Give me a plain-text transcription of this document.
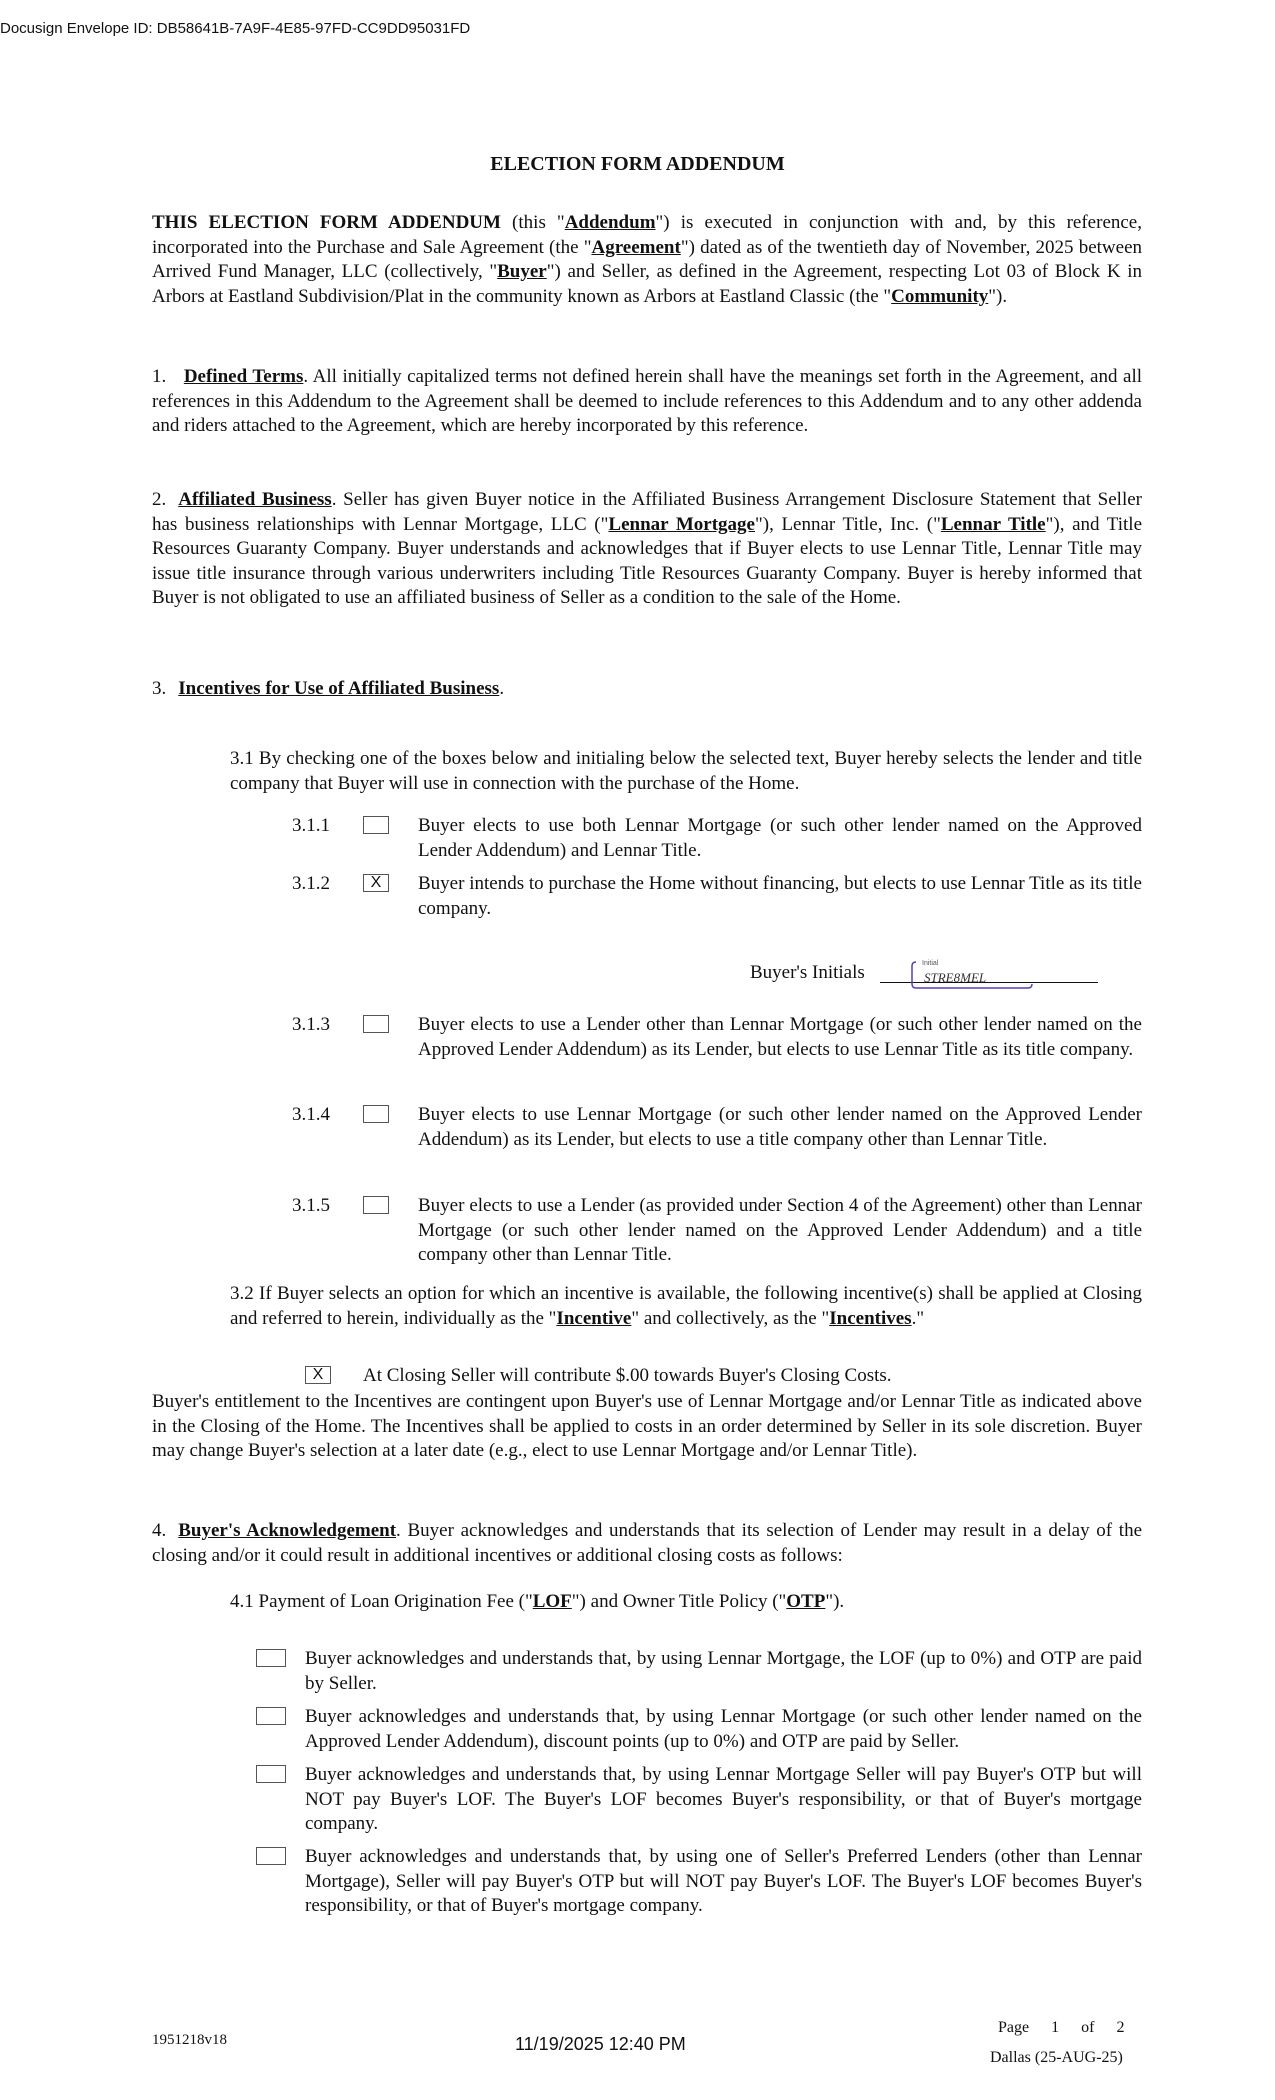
Docusign Envelope ID: DB58641B-7A9F-4E85-97FD-CC9DD95031FD
ELECTION FORM ADDENDUM
THIS ELECTION FORM ADDENDUM (this "Addendum") is executed in conjunction with and, by this reference, incorporated into the Purchase and Sale Agreement (the "Agreement") dated as of the twentieth day of November, 2025 between Arrived Fund Manager, LLC (collectively, "Buyer") and Seller, as defined in the Agreement, respecting Lot 03 of Block K in Arbors at Eastland Subdivision/Plat in the community known as Arbors at Eastland Classic (the "Community").
1. Defined Terms. All initially capitalized terms not defined herein shall have the meanings set forth in the Agreement, and all references in this Addendum to the Agreement shall be deemed to include references to this Addendum and to any other addenda and riders attached to the Agreement, which are hereby incorporated by this reference.
2. Affiliated Business. Seller has given Buyer notice in the Affiliated Business Arrangement Disclosure Statement that Seller has business relationships with Lennar Mortgage, LLC ("Lennar Mortgage"), Lennar Title, Inc. ("Lennar Title"), and Title Resources Guaranty Company. Buyer understands and acknowledges that if Buyer elects to use Lennar Title, Lennar Title may issue title insurance through various underwriters including Title Resources Guaranty Company. Buyer is hereby informed that Buyer is not obligated to use an affiliated business of Seller as a condition to the sale of the Home.
3. Incentives for Use of Affiliated Business.
3.1 By checking one of the boxes below and initialing below the selected text, Buyer hereby selects the lender and title company that Buyer will use in connection with the purchase of the Home.
3.1.1	Buyer elects to use both Lennar Mortgage (or such other lender named on the Approved Lender Addendum) and Lennar Title.
3.1.2	X	Buyer intends to purchase the Home without financing, but elects to use Lennar Title as its title company.
Buyer's Initials	Initial
STRE8MEL
3.1.3	Buyer elects to use a Lender other than Lennar Mortgage (or such other lender named on the Approved Lender Addendum) as its Lender, but elects to use Lennar Title as its title company.
3.1.4	Buyer elects to use Lennar Mortgage (or such other lender named on the Approved Lender Addendum) as its Lender, but elects to use a title company other than Lennar Title.
3.1.5	Buyer elects to use a Lender (as provided under Section 4 of the Agreement) other than Lennar Mortgage (or such other lender named on the Approved Lender Addendum) and a title company other than Lennar Title.
3.2 If Buyer selects an option for which an incentive is available, the following incentive(s) shall be applied at Closing and referred to herein, individually as the "Incentive" and collectively, as the "Incentives."
X	At Closing Seller will contribute $.00 towards Buyer's Closing Costs.
Buyer's entitlement to the Incentives are contingent upon Buyer's use of Lennar Mortgage and/or Lennar Title as indicated above in the Closing of the Home. The Incentives shall be applied to costs in an order determined by Seller in its sole discretion. Buyer may change Buyer's selection at a later date (e.g., elect to use Lennar Mortgage and/or Lennar Title).
4. Buyer's Acknowledgement. Buyer acknowledges and understands that its selection of Lender may result in a delay of the closing and/or it could result in additional incentives or additional closing costs as follows:
4.1 Payment of Loan Origination Fee ("LOF") and Owner Title Policy ("OTP").
Buyer acknowledges and understands that, by using Lennar Mortgage, the LOF (up to 0%) and OTP are paid by Seller.
Buyer acknowledges and understands that, by using Lennar Mortgage (or such other lender named on the Approved Lender Addendum), discount points (up to 0%) and OTP are paid by Seller.
Buyer acknowledges and understands that, by using Lennar Mortgage Seller will pay Buyer's OTP but will NOT pay Buyer's LOF. The Buyer's LOF becomes Buyer's responsibility, or that of Buyer's mortgage company.
Buyer acknowledges and understands that, by using one of Seller's Preferred Lenders (other than Lennar Mortgage), Seller will pay Buyer's OTP but will NOT pay Buyer's LOF. The Buyer's LOF becomes Buyer's responsibility, or that of Buyer's mortgage company.
1951218v18	11/19/2025 12:40 PM
Page 1 of 2
Dallas (25-AUG-25)
